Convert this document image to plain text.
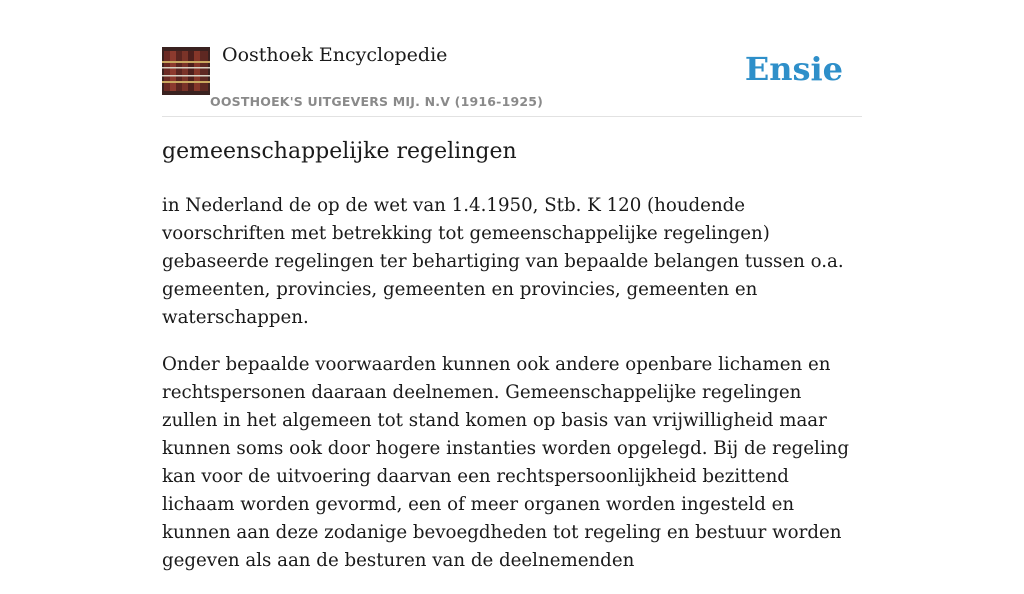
Oosthoek Encyclopedie
OOSTHOEK'S UITGEVERS MIJ. N.V (1916-1925)
Ensie
gemeenschappelijke regelingen

in Nederland de op de wet van 1.4.1950, Stb. K 120 (houdende voorschriften met betrekking tot gemeenschappelijke regelingen) gebaseerde regelingen ter behartiging van bepaalde belangen tussen o.a. gemeenten, provincies, gemeenten en provincies, gemeenten en waterschappen.

Onder bepaalde voorwaarden kunnen ook andere openbare lichamen en rechtspersonen daaraan deelnemen. Gemeenschappelijke regelingen zullen in het algemeen tot stand komen op basis van vrijwilligheid maar kunnen soms ook door hogere instanties worden opgelegd. Bij de regeling kan voor de uitvoering daarvan een rechtspersoonlijkheid bezittend lichaam worden gevormd, een of meer organen worden ingesteld en kunnen aan deze zodanige bevoegdheden tot regeling en bestuur worden gegeven als aan de besturen van de deelnemenden
